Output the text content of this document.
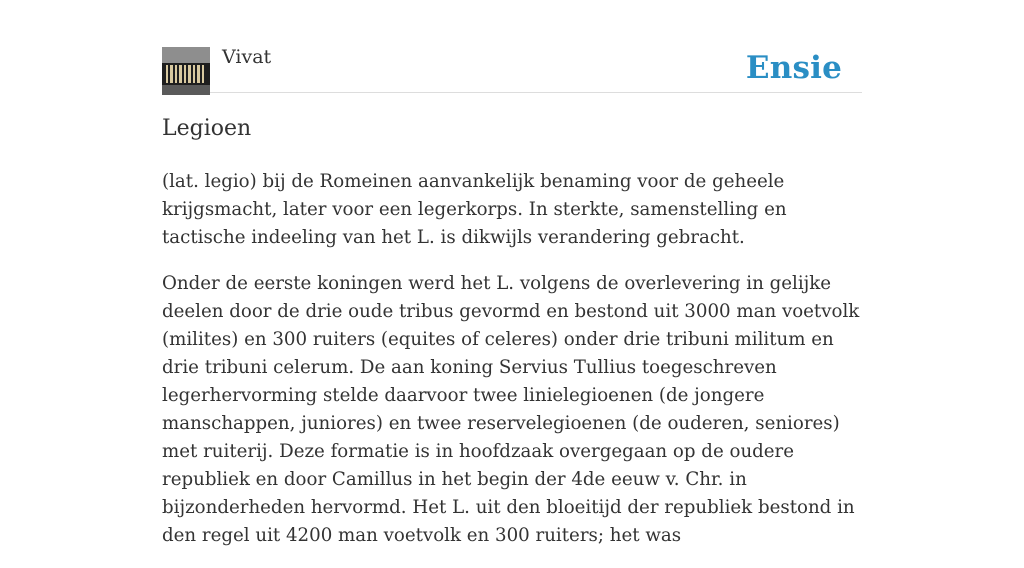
Vivat	Ensie
Legioen

(lat. legio) bij de Romeinen aanvankelijk benaming voor de geheele krijgsmacht, later voor een legerkorps. In sterkte, samenstelling en tactische indeeling van het L. is dikwijls verandering gebracht.

Onder de eerste koningen werd het L. volgens de overlevering in gelijke deelen door de drie oude tribus gevormd en bestond uit 3000 man voetvolk (milites) en 300 ruiters (equites of celeres) onder drie tribuni militum en drie tribuni celerum. De aan koning Servius Tullius toegeschreven legerhervorming stelde daarvoor twee linielegioenen (de jongere manschappen, juniores) en twee reservelegioenen (de ouderen, seniores) met ruiterij. Deze formatie is in hoofdzaak overgegaan op de oudere republiek en door Camillus in het begin der 4de eeuw v. Chr. in bijzonderheden hervormd. Het L. uit den bloeitijd der republiek bestond in den regel uit 4200 man voetvolk en 300 ruiters; het was
